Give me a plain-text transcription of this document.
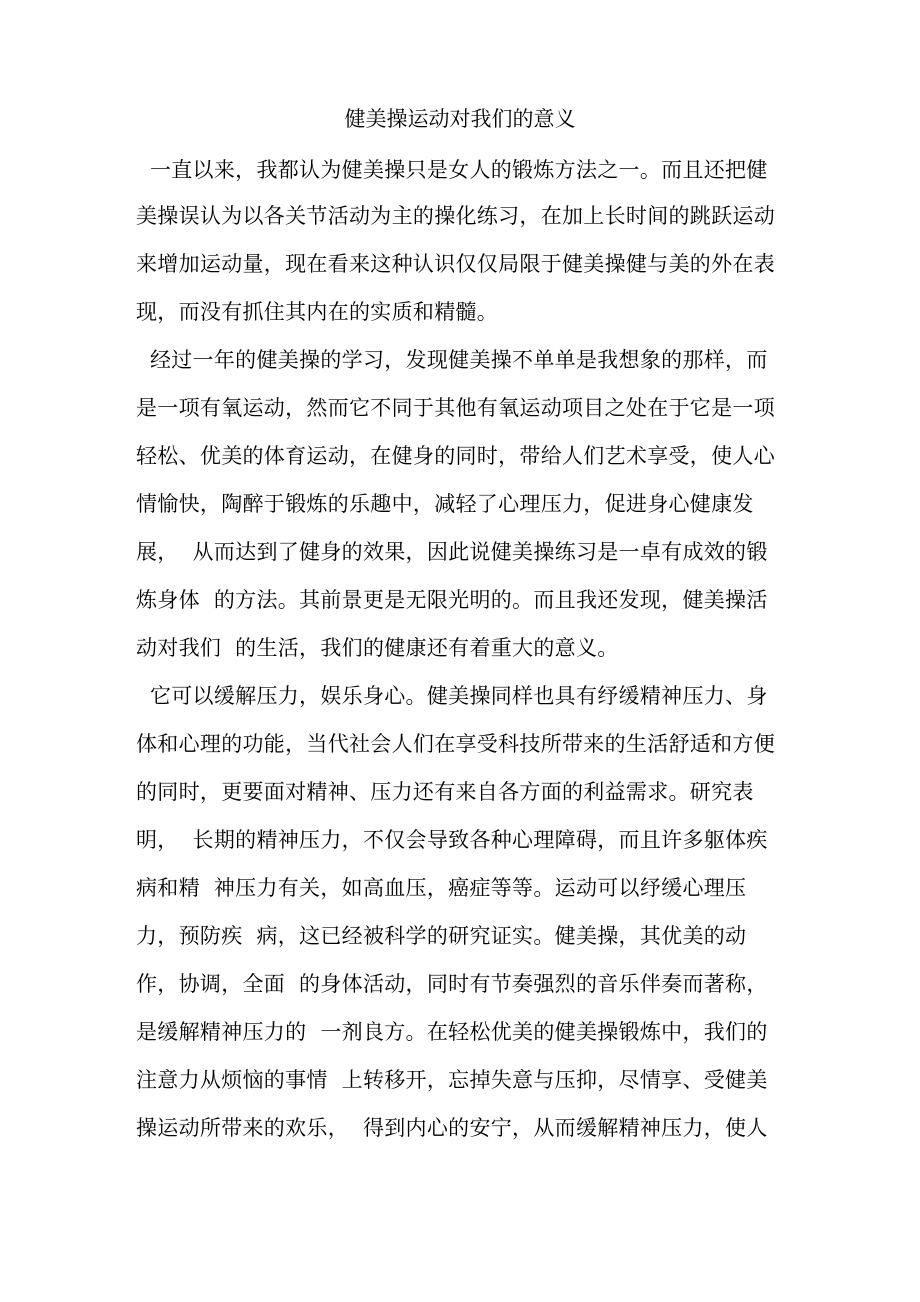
健美操运动对我们的意义
一直以来，我都认为健美操只是女人的锻炼方法之一。而且还把健
美操误认为以各关节活动为主的操化练习，在加上长时间的跳跃运动
来增加运动量，现在看来这种认识仅仅局限于健美操健与美的外在表
现，而没有抓住其内在的实质和精髓。
经过一年的健美操的学习，发现健美操不单单是我想象的那样，而
是一项有氧运动，然而它不同于其他有氧运动项目之处在于它是一项
轻松、优美的体育运动，在健身的同时，带给人们艺术享受，使人心
情愉快，陶醉于锻炼的乐趣中，减轻了心理压力，促进身心健康发
展，  从而达到了健身的效果，因此说健美操练习是一卓有成效的锻
炼身体  的方法。其前景更是无限光明的。而且我还发现，健美操活
动对我们  的生活，我们的健康还有着重大的意义。
它可以缓解压力，娱乐身心。健美操同样也具有纾缓精神压力、身
体和心理的功能，当代社会人们在享受科技所带来的生活舒适和方便
的同时，更要面对精神、压力还有来自各方面的利益需求。研究表
明，  长期的精神压力，不仅会导致各种心理障碍，而且许多躯体疾
病和精  神压力有关，如高血压，癌症等等。运动可以纾缓心理压
力，预防疾  病，这已经被科学的研究证实。健美操，其优美的动
作，协调，全面  的身体活动，同时有节奏强烈的音乐伴奏而著称，
是缓解精神压力的  一剂良方。在轻松优美的健美操锻炼中，我们的
注意力从烦恼的事情  上转移开，忘掉失意与压抑，尽情享、受健美
操运动所带来的欢乐，  得到内心的安宁，从而缓解精神压力，使人
